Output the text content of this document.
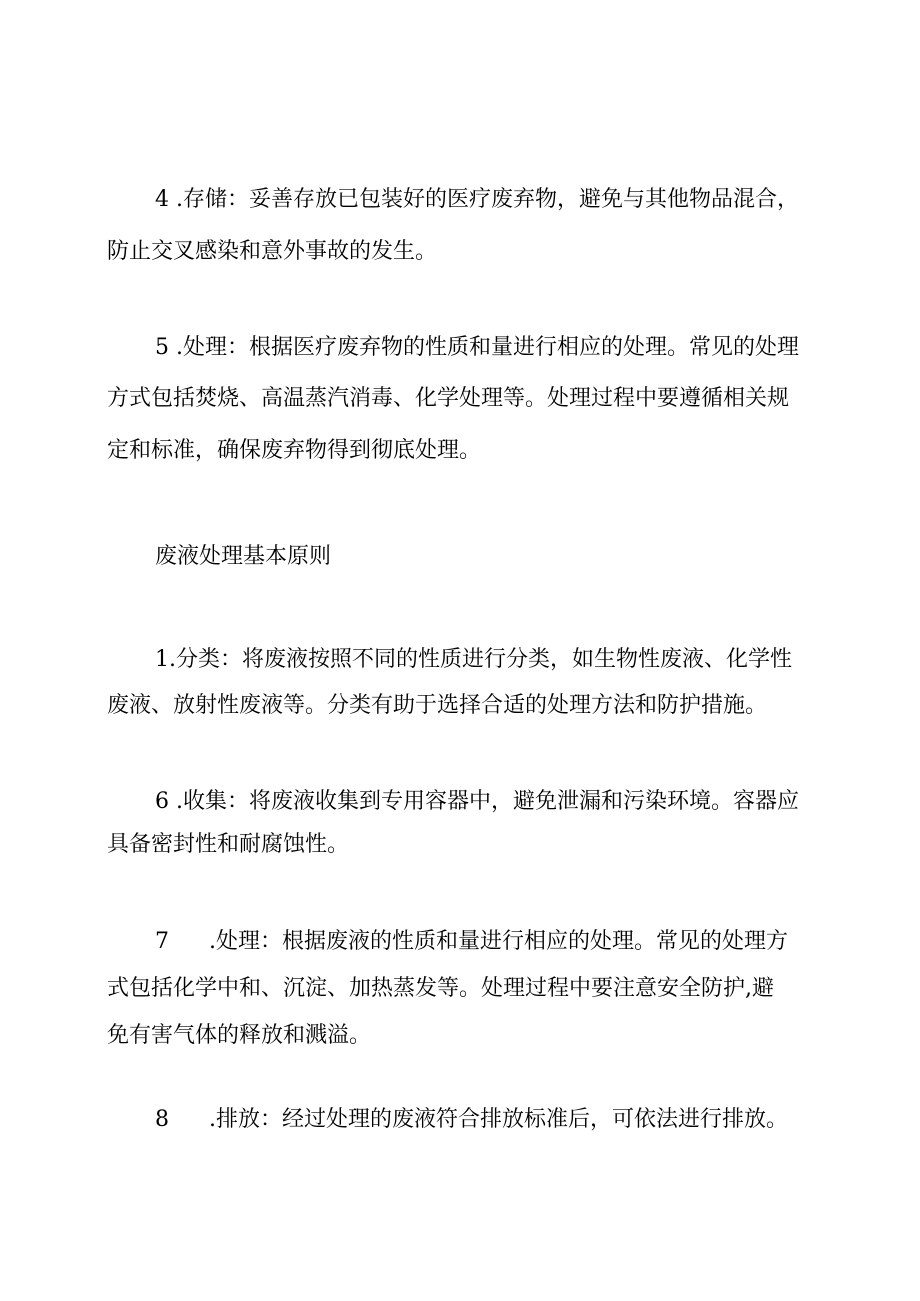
4 .存储：妥善存放已包装好的医疗废弃物，避免与其他物品混合，
防止交叉感染和意外事故的发生。
5 .处理：根据医疗废弃物的性质和量进行相应的处理。常见的处理
方式包括焚烧、高温蒸汽消毒、化学处理等。处理过程中要遵循相关规
定和标准，确保废弃物得到彻底处理。
废液处理基本原则
1.分类：将废液按照不同的性质进行分类，如生物性废液、化学性
废液、放射性废液等。分类有助于选择合适的处理方法和防护措施。
6 .收集：将废液收集到专用容器中，避免泄漏和污染环境。容器应
具备密封性和耐腐蚀性。
7 .处理：根据废液的性质和量进行相应的处理。常见的处理方
式包括化学中和、沉淀、加热蒸发等。处理过程中要注意安全防护,避
免有害气体的释放和溅溢。
8 .排放：经过处理的废液符合排放标准后，可依法进行排放。
